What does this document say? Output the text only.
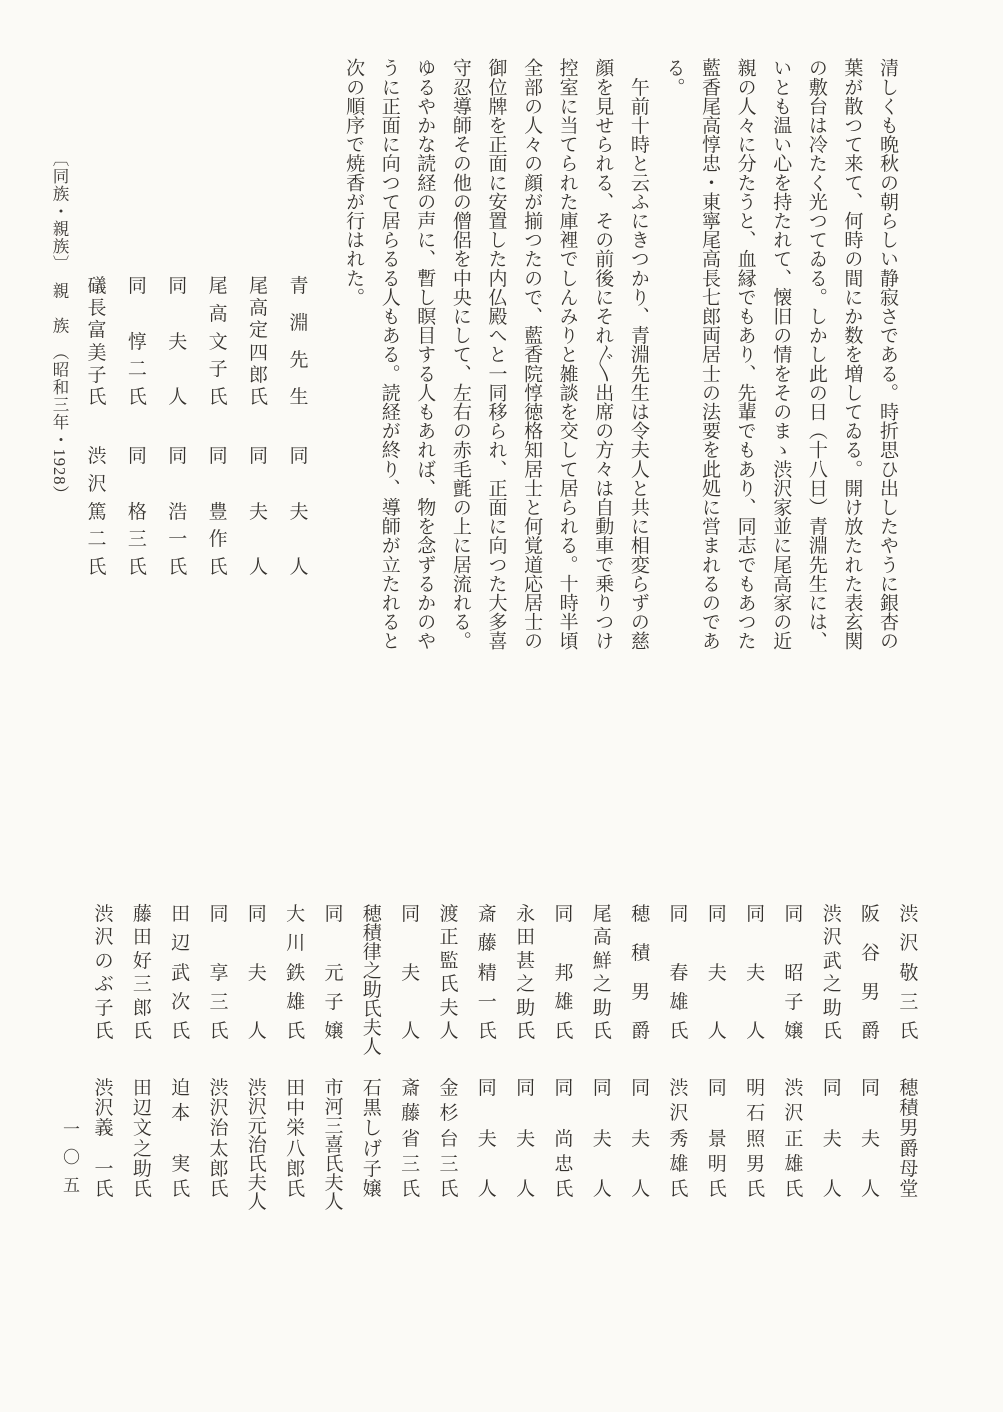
清しくも晩秋の朝らしい静寂さである。時折思ひ出したやうに銀杏の
葉が散つて来て、何時の間にか数を増してゐる。開け放たれた表玄関
の敷台は冷たく光つてゐる。しかし此の日（十八日）青淵先生には、
いとも温い心を持たれて、懐旧の情をそのまゝ渋沢家並に尾高家の近
親の人々に分たうと、血縁でもあり、先輩でもあり、同志でもあつた
藍香尾高惇忠・東寧尾高長七郎両居士の法要を此処に営まれるのであ
る。
　午前十時と云ふにきつかり、青淵先生は令夫人と共に相変らずの慈
顔を見せられる、その前後にそれ〴〵出席の方々は自動車で乗りつけ
控室に当てられた庫裡でしんみりと雑談を交して居られる。十時半頃
全部の人々の顔が揃つたので、藍香院惇徳格知居士と何覚道応居士の
御位牌を正面に安置した内仏殿へと一同移られ、正面に向つた大多喜
守忍導師その他の僧侶を中央にして、左右の赤毛氈の上に居流れる。
ゆるやかな読経の声に、暫し瞑目する人もあれば、物を念ずるかのや
うに正面に向つて居らるる人もある。読経が終り、導師が立たれると
次の順序で焼香が行はれた。
青
淵
先
生
同

夫

人
尾
高
定
四
郎
氏
同

夫

人
尾
高
文
子
氏
同

豊
作
氏
同

夫

人
同

浩
一
氏
同

惇
二
氏
同

格
三
氏
礒
長
富
美
子
氏
渋
沢
篤
二
氏
〔同族・親族〕　親　族　（昭和三年・1928）
渋
沢
敬
三
氏
穂
積
男
爵
母
堂
阪
谷
男
爵
同

夫

人
渋
沢
武
之
助
氏
同

夫

人
同

昭
子
嬢
渋
沢
正
雄
氏
同

夫

人
明
石
照
男
氏
同

夫

人
同

景
明
氏
同

春
雄
氏
渋
沢
秀
雄
氏
穂
積
男
爵
同

夫

人
尾
高
鮮
之
助
氏
同

夫

人
同

邦
雄
氏
同

尚
忠
氏
永
田
甚
之
助
氏
同

夫

人
斎
藤
精
一
氏
同

夫

人
渡
正
監
氏
夫
人
金
杉
台
三
氏
同

夫

人
斎
藤
省
三
氏
穂
積
律
之
助
氏
夫
人
石
黒
し
げ
子
嬢
同

元
子
嬢
市
河
三
喜
氏
夫
人
大
川
鉄
雄
氏
田
中
栄
八
郎
氏
同

夫

人
渋
沢
元
治
氏
夫
人
同

享
三
氏
渋
沢
治
太
郎
氏
田
辺
武
次
氏
迫
本

実
氏
藤
田
好
三
郎
氏
田
辺
文
之
助
氏
渋
沢
の
ぶ
子
氏
渋
沢
義

一
氏
一〇五
